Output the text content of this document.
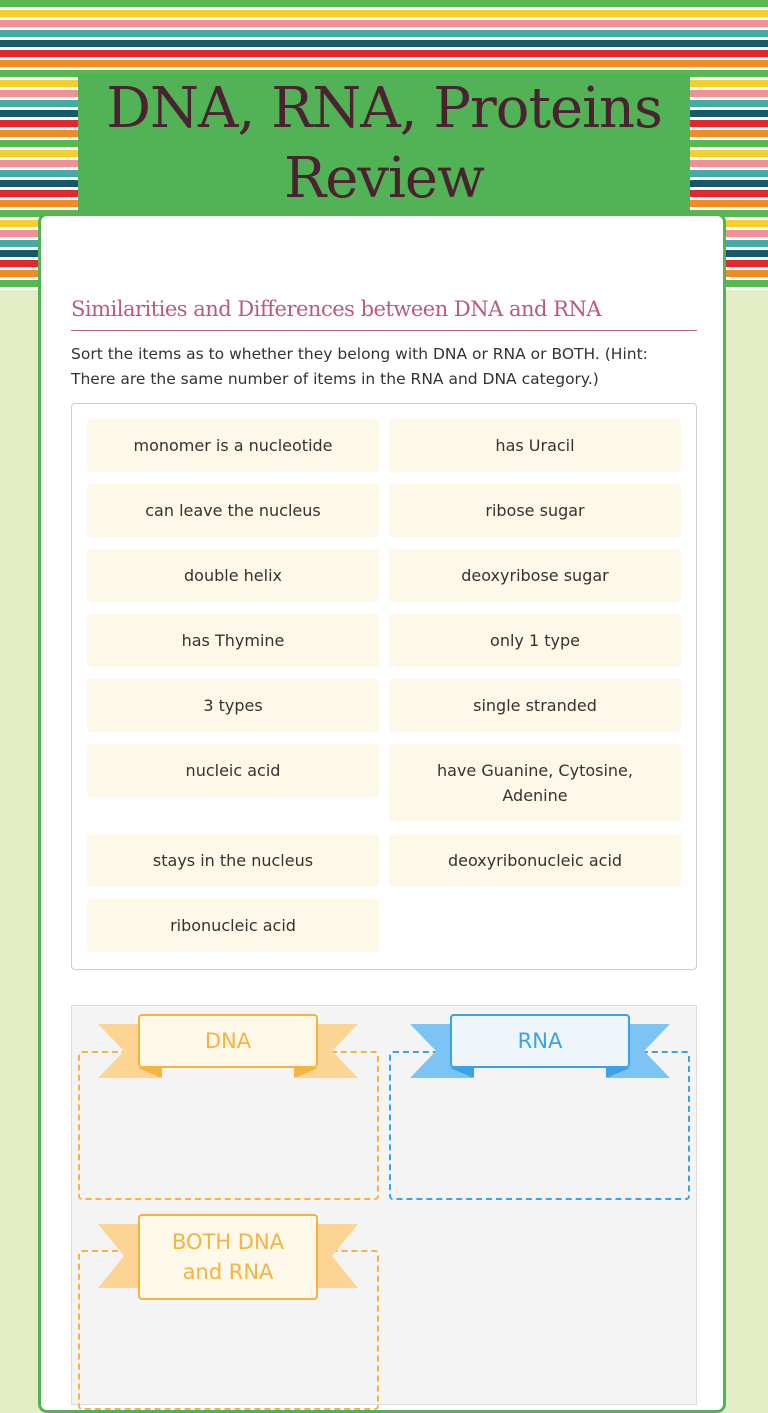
DNA, RNA, Proteins Review
Similarities and Differences between DNA and RNA

Sort the items as to whether they belong with DNA or RNA or BOTH. (Hint: There are the same number of items in the RNA and DNA category.)

monomer is a nucleotide	has Uracil
can leave the nucleus	ribose sugar
double helix	deoxyribose sugar
has Thymine	only 1 type
3 types	single stranded
nucleic acid	have Guanine, Cytosine, Adenine
stays in the nucleus	deoxyribonucleic acid
ribonucleic acid
DNA	RNA
BOTH DNA and RNA
